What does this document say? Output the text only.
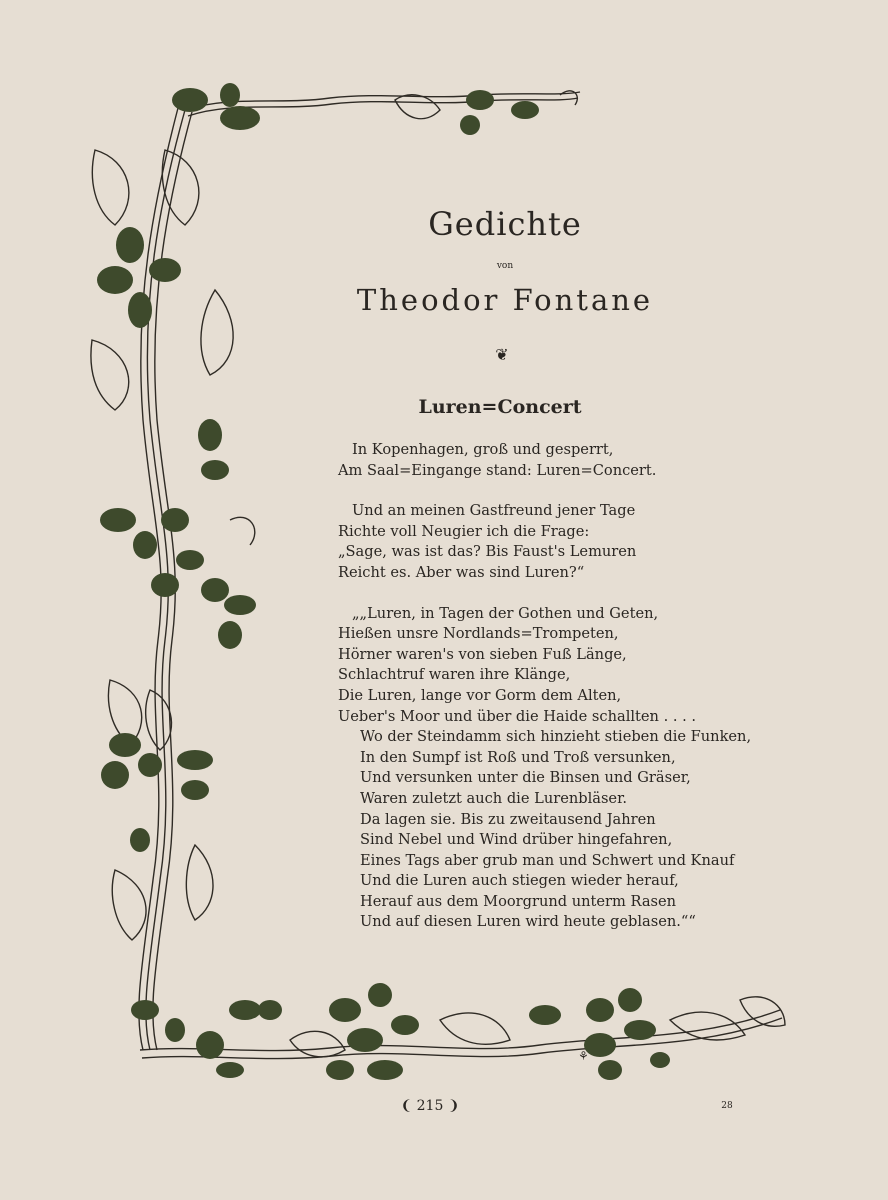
⚘
Gedichte
von
Theodor Fontane
❦
Luren=Concert
In Kopenhagen, groß und gesperrt,
Am Saal=Eingange stand: Luren=Concert.
Und an meinen Gastfreund jener Tage
Richte voll Neugier ich die Frage:
„Sage, was ist das? Bis Faust's Lemuren
Reicht es. Aber was sind Luren?“
„„Luren, in Tagen der Gothen und Geten,
Hießen unsre Nordlands=Trompeten,
Hörner waren's von sieben Fuß Länge,
Schlachtruf waren ihre Klänge,
Die Luren, lange vor Gorm dem Alten,
Ueber's Moor und über die Haide schallten . . . .
Wo der Steindamm sich hinzieht stieben die Funken,
In den Sumpf ist Roß und Troß versunken,
Und versunken unter die Binsen und Gräser,
Waren zuletzt auch die Lurenbläser.
Da lagen sie. Bis zu zweitausend Jahren
Sind Nebel und Wind drüber hingefahren,
Eines Tags aber grub man und Schwert und Knauf
Und die Luren auch stiegen wieder herauf,
Herauf aus dem Moorgrund unterm Rasen
Und auf diesen Luren wird heute geblasen.““
❨ 215 ❩	28
